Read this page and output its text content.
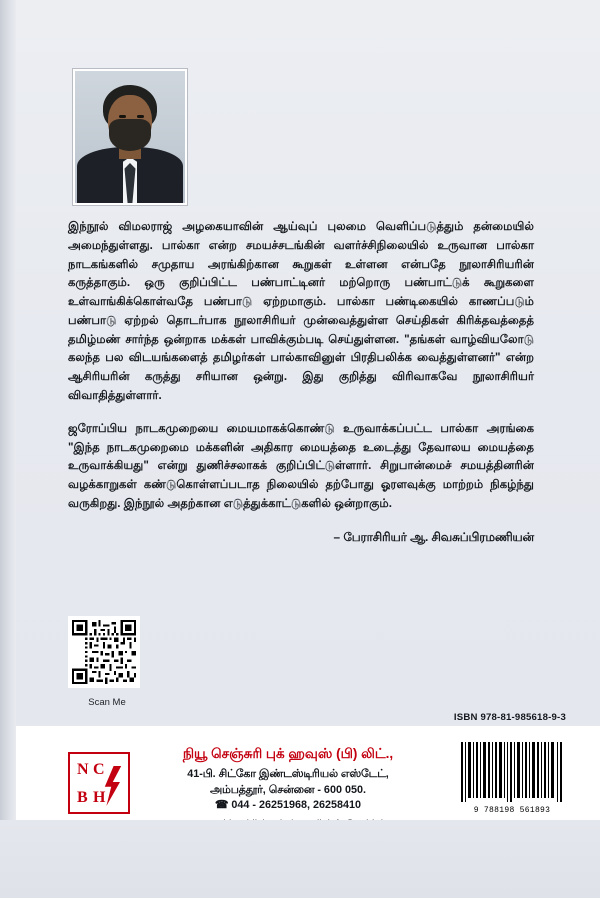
இந்நூல் விமலராஜ் அழகையாவின் ஆய்வுப் புலமை வெளிப்படுத்தும் தன்மையில் அமைந்துள்ளது. பால்கா என்ற சமயச்சடங்கின் வளர்ச்சிநிலையில் உருவான பால்கா நாடகங்களில் சமுதாய அரங்கிற்கான கூறுகள் உள்ளன என்பதே நூலாசிரியரின் கருத்தாகும். ஒரு குறிப்பிட்ட பண்பாட்டினர் மற்றொரு பண்பாட்டுக் கூறுகளை உள்வாங்கிக்கொள்வதே பண்பாடு ஏற்றமாகும். பால்கா பண்டிகையில் காணப்படும் பண்பாடு ஏற்றல் தொடர்பாக நூலாசிரியர் முன்வைத்துள்ள செய்திகள் கிரிக்தவத்தைத் தமிழ்மண் சார்ந்த ஒன்றாக மக்கள் பாவிக்கும்படி செய்துள்ளன. "தங்கள் வாழ்வியலோடு கலந்த பல விடயங்களைத் தமிழர்கள் பால்காவினுள் பிரதிபலிக்க வைத்துள்ளனர்" என்ற ஆசிரியரின் கருத்து சரியான ஒன்று. இது குறித்து விரிவாகவே நூலாசிரியர் விவாதித்துள்ளார்.

ஜரோப்பிய நாடகமுறையை மையமாகக்கொண்டு உருவாக்கப்பட்ட பால்கா அரங்கை "இந்த நாடகமுறைமை மக்களின் அதிகார மையத்தை உடைத்து தேவாலய மையத்தை உருவாக்கியது" என்று துணிச்சலாகக் குறிப்பிட்டுள்ளார். சிறுபான்மைச் சமயத்தினரின் வழக்காறுகள் கண்டுகொள்ளப்படாத நிலையில் தற்போது ஓரளவுக்கு மாற்றம் நிகழ்ந்து வருகிறது. இந்நூல் அதற்கான எடுத்துக்காட்டுகளில் ஒன்றாகும்.

– பேராசிரியர் ஆ. சிவசுப்பிரமணியன்
Scan Me
ISBN 978-81-985618-9-3
N C
B H
நியூ செஞ்சுரி புக் ஹவுஸ் (பி) லிட்.,
41-பி. சிட்கோ இண்டஸ்டிரியல் எஸ்டேட்,
அம்பத்தூர், சென்னை - 600 050.
☎ 044 - 26251968, 26258410	9 788198 561893
